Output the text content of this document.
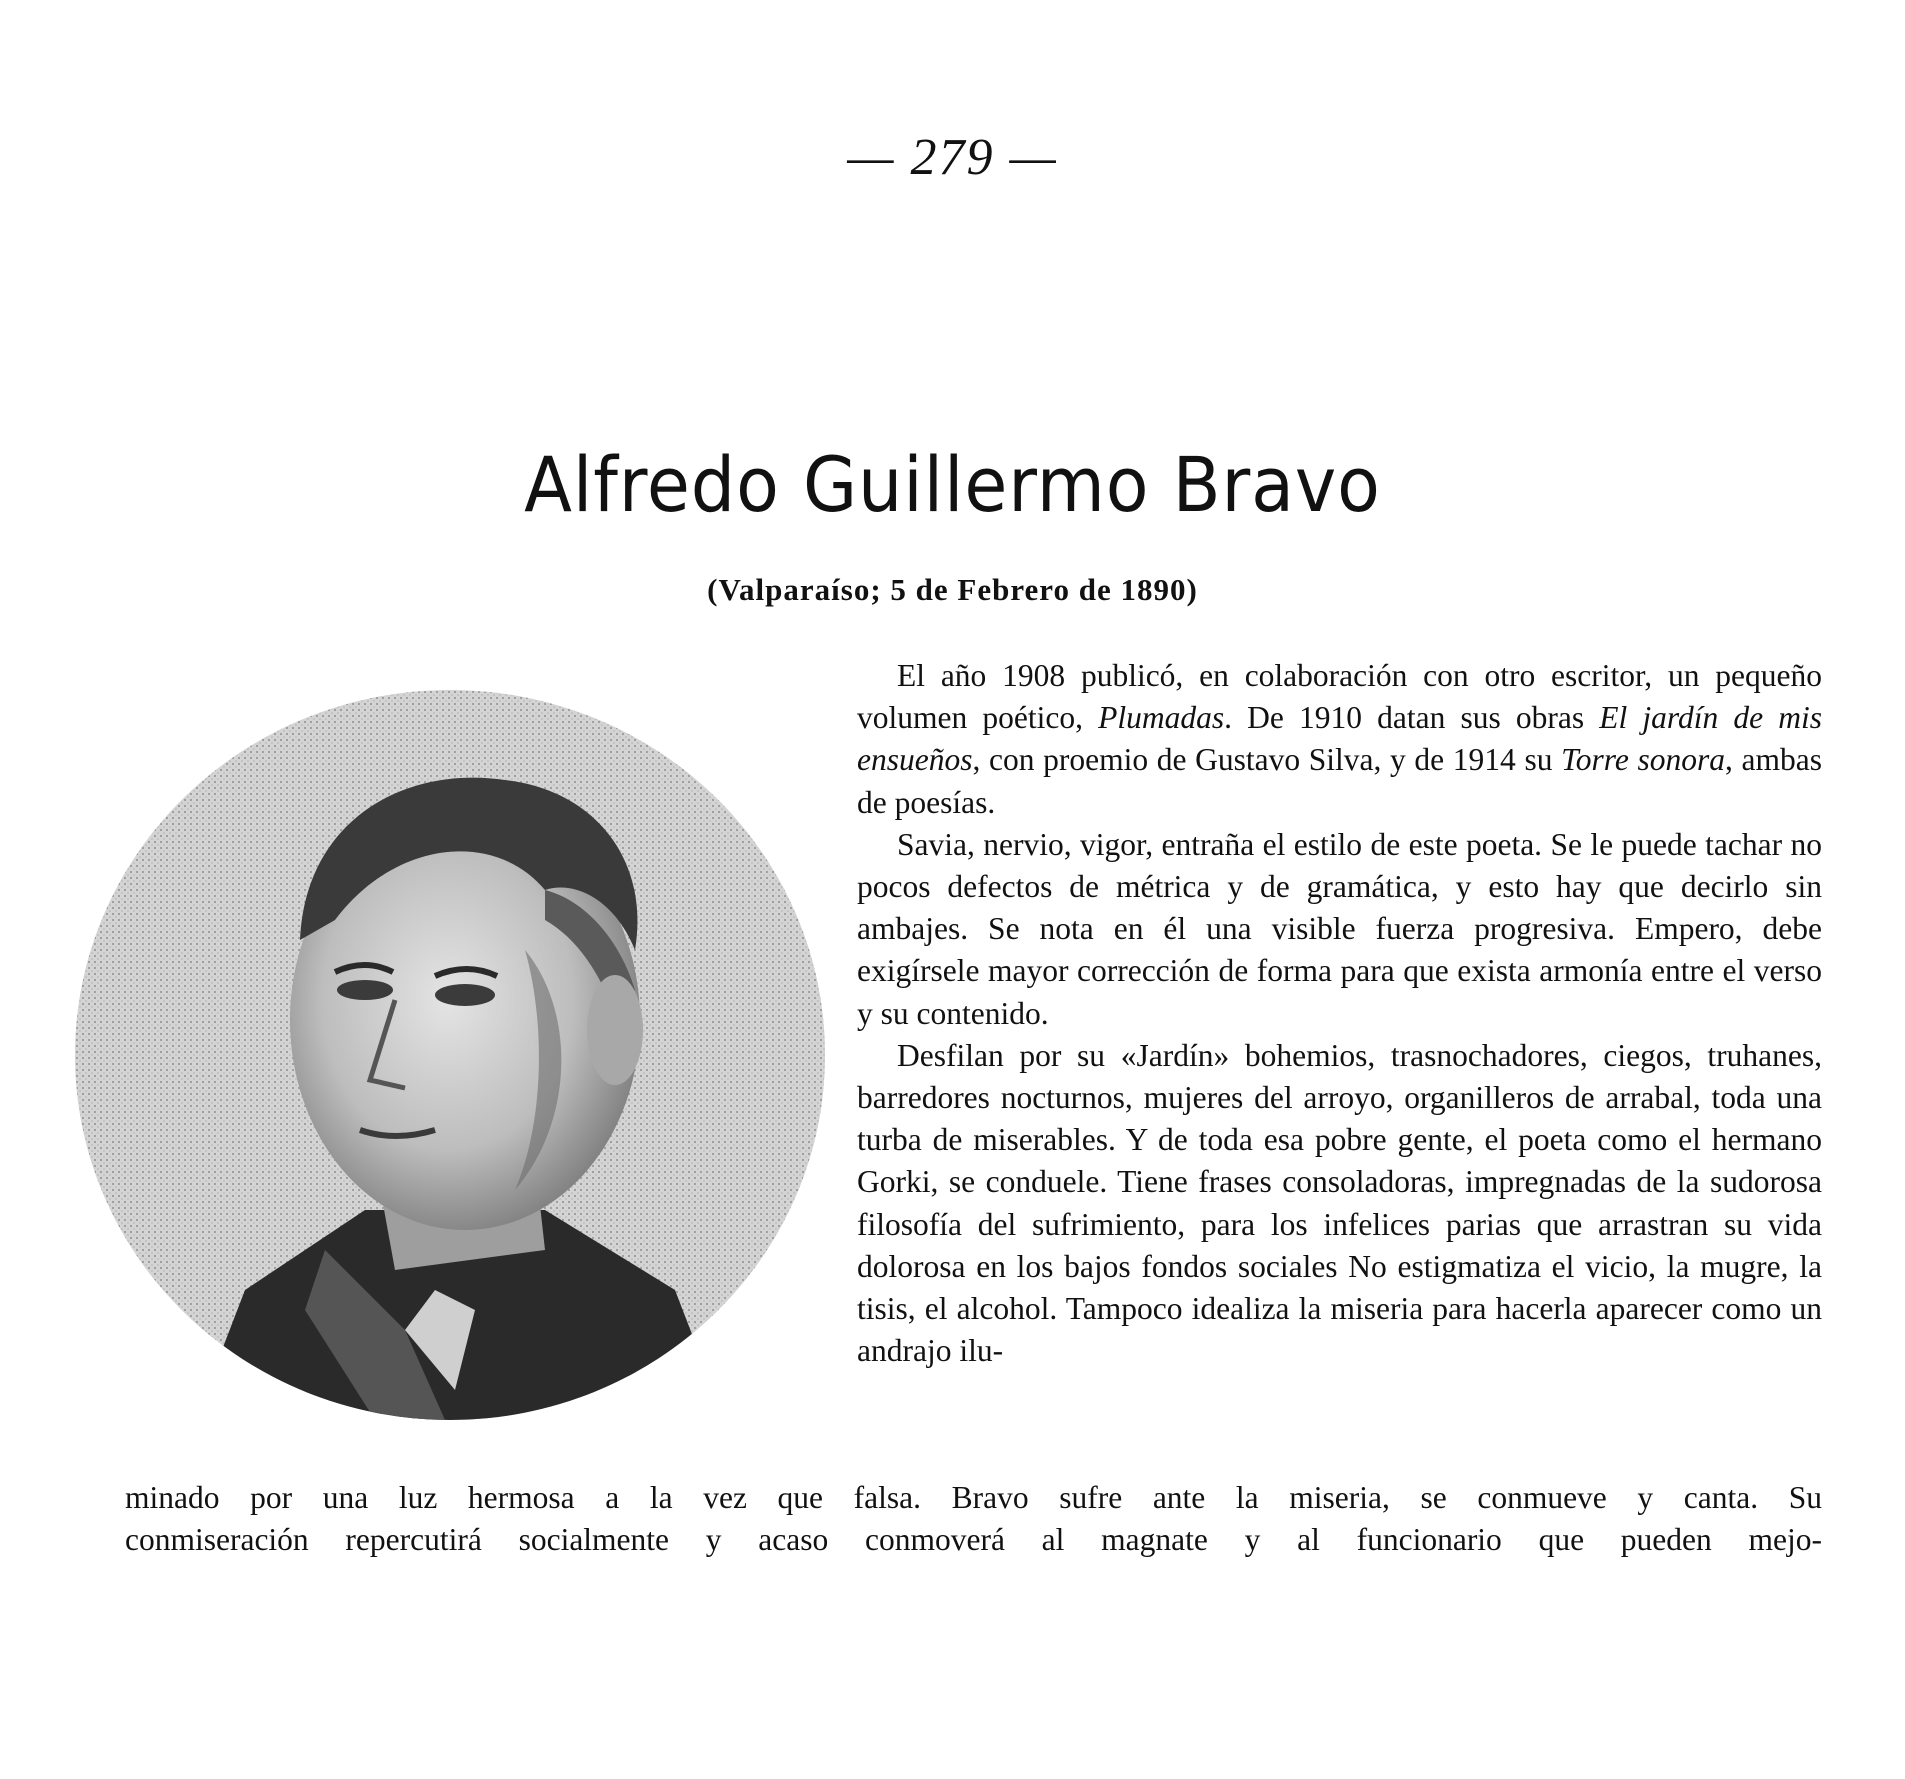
— 279 —
Alfredo Guillermo Bravo
(Valparaíso; 5 de Febrero de 1890)

El año 1908 publicó, en colaboración con otro escritor, un pequeño volumen poético, Plumadas. De 1910 datan sus obras El jardín de mis ensueños, con proemio de Gustavo Silva, y de 1914 su Torre sonora, ambas de poesías.

Savia, nervio, vigor, entraña el estilo de este poeta. Se le puede tachar no pocos defectos de métrica y de gramática, y esto hay que decirlo sin ambajes. Se nota en él una visible fuerza progresiva. Empero, debe exigírsele mayor corrección de forma para que exista armonía entre el verso y su contenido.

Desfilan por su «Jardín» bohemios, trasnochadores, ciegos, truhanes, barredores nocturnos, mujeres del arroyo, organilleros de arrabal, toda una turba de miserables. Y de toda esa pobre gente, el poeta como el hermano Gorki, se conduele. Tiene frases consoladoras, impregnadas de la sudorosa filosofía del sufrimiento, para los infelices parias que arrastran su vida dolorosa en los bajos fondos sociales No estigmatiza el vicio, la mugre, la tisis, el alcohol. Tampoco idealiza la miseria para hacerla aparecer como un andrajo ilu-

minado por una luz hermosa a la vez que falsa. Bravo sufre ante la miseria, se conmueve y canta. Su
conmiseración repercutirá socialmente y acaso conmoverá al magnate y al funcionario que pueden mejo-
